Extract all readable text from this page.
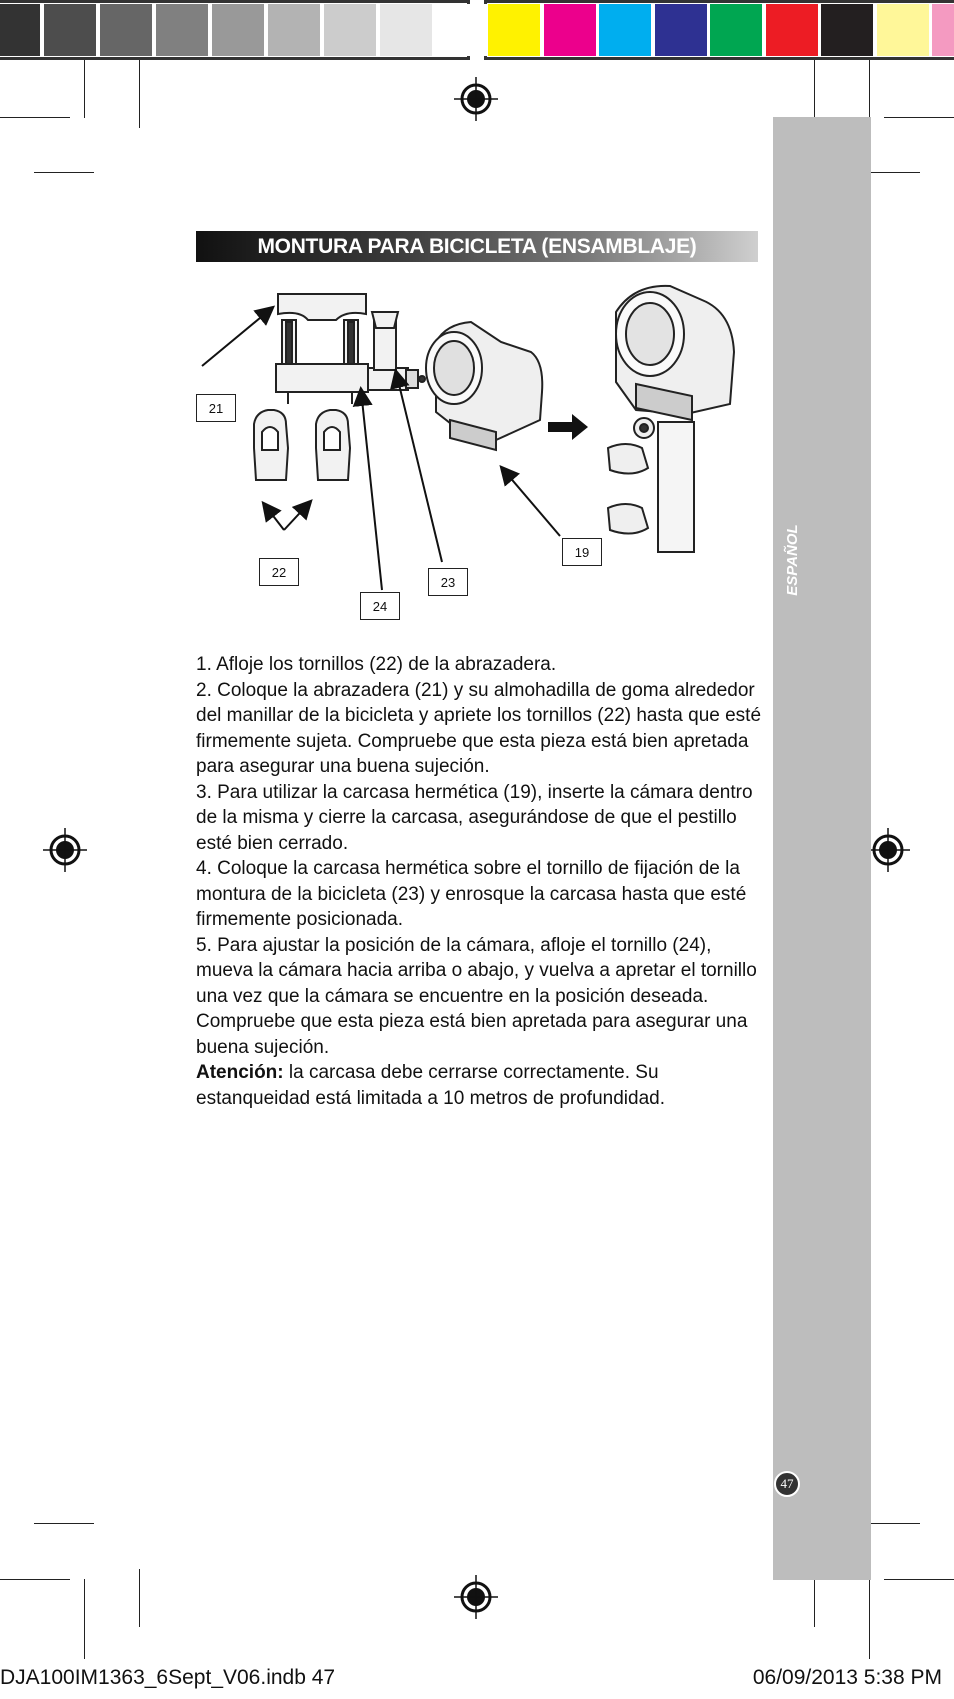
ESPAÑOL
47
MONTURA PARA BICICLETA (ENSAMBLAJE)
21
22
24
23
19

1. Afloje los tornillos (22) de la abrazadera.

2. Coloque la abrazadera (21) y su almohadilla de goma alrededor del manillar de la bicicleta y apriete los tornillos (22) hasta que esté firmemente sujeta. Compruebe que esta pieza está bien apretada para asegurar una buena sujeción.

3. Para utilizar la carcasa hermética (19), inserte la cámara dentro de la misma y cierre la carcasa, asegurándose de que el pestillo esté bien cerrado.

4. Coloque la carcasa hermética sobre el tornillo de fijación de la montura de la bicicleta (23) y enrosque la carcasa hasta que esté firmemente posicionada.

5. Para ajustar la posición de la cámara, afloje el tornillo (24), mueva la cámara hacia arriba o abajo, y vuelva a apretar el tornillo una vez que la cámara se encuentre en la posición deseada. Compruebe que esta pieza está bien apretada para asegurar una buena sujeción.

Atención: la carcasa debe cerrarse correctamente. Su estanqueidad está limitada a 10 metros de profundidad.

DJA100IM1363_6Sept_V06.indb 47	06/09/2013 5:38 PM
